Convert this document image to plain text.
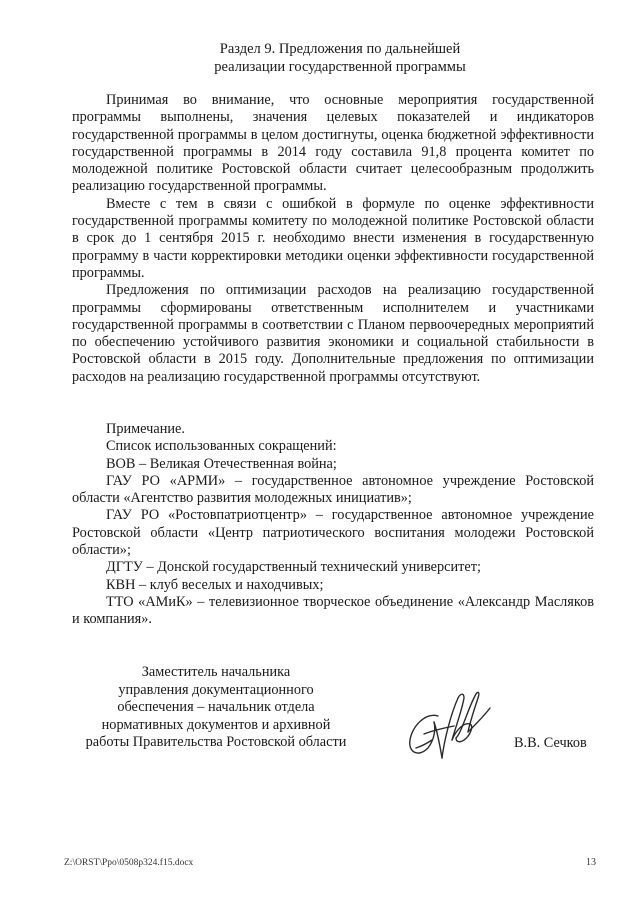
Раздел 9. Предложения по дальнейшей
реализации государственной программы

Принимая во внимание, что основные мероприятия государственной программы выполнены, значения целевых показателей и индикаторов государственной программы в целом достигнуты, оценка бюджетной эффективности государственной программы в 2014 году составила 91,8 процента комитет по молодежной политике Ростовской области считает целесообразным продолжить реализацию государственной программы.

Вместе с тем в связи с ошибкой в формуле по оценке эффективности государственной программы комитету по молодежной политике Ростовской области в срок до 1 сентября 2015 г. необходимо внести изменения в государственную программу в части корректировки методики оценки эффективности государственной программы.

Предложения по оптимизации расходов на реализацию государственной программы сформированы ответственным исполнителем и участниками государственной программы в соответствии с Планом первоочередных мероприятий по обеспечению устойчивого развития экономики и социальной стабильности в Ростовской области в 2015 году. Дополнительные предложения по оптимизации расходов на реализацию государственной программы отсутствуют.

Примечание.

Список использованных сокращений:

ВОВ – Великая Отечественная война;

ГАУ РО «АРМИ» – государственное автономное учреждение Ростовской области «Агентство развития молодежных инициатив»;

ГАУ РО «Ростовпатриотцентр» – государственное автономное учреждение Ростовской области «Центр патриотического воспитания молодежи Ростовской области»;

ДГТУ – Донской государственный технический университет;

КВН – клуб веселых и находчивых;

ТТО «АМиК» – телевизионное творческое объединение «Александр Масляков и компания».

Заместитель начальника
управления документационного
обеспечения – начальник отдела
нормативных документов и архивной
работы Правительства Ростовской области	В.В. Сечков
Z:\ORST\Ppo\0508p324.f15.docx	13
